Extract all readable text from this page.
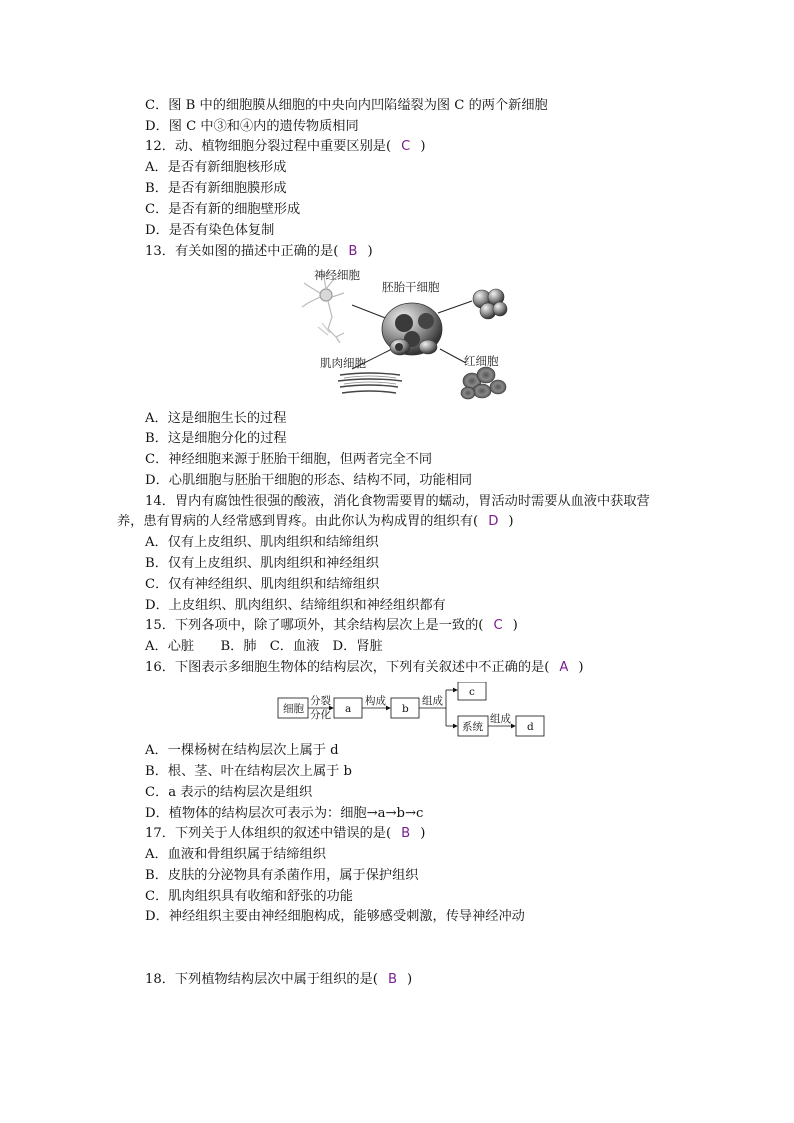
C．图 B 中的细胞膜从细胞的中央向内凹陷缢裂为图 C 的两个新细胞
D．图 C 中③和④内的遗传物质相同
12．动、植物细胞分裂过程中重要区别是( C )
A．是否有新细胞核形成
B．是否有新细胞膜形成
C．是否有新的细胞壁形成
D．是否有染色体复制
13．有关如图的描述中正确的是( B )
神经细胞
胚胎干细胞
肌肉细胞	红细胞
A．这是细胞生长的过程
B．这是细胞分化的过程
C．神经细胞来源于胚胎干细胞，但两者完全不同
D．心肌细胞与胚胎干细胞的形态、结构不同，功能相同
14．胃内有腐蚀性很强的酸液，消化食物需要胃的蠕动，胃活动时需要从血液中获取营
养，患有胃病的人经常感到胃疼。由此你认为构成胃的组织有( D )
A．仅有上皮组织、肌肉组织和结缔组织
B．仅有上皮组织、肌肉组织和神经组织
C．仅有神经组织、肌肉组织和结缔组织
D．上皮组织、肌肉组织、结缔组织和神经组织都有
15．下列各项中，除了哪项外，其余结构层次上是一致的( C )
A．心脏　　B．肺　C．血液　D．肾脏
16．下图表示多细胞生物体的结构层次，下列有关叙述中不正确的是( A )
细胞
分裂
分化 a
构成
b
组成
c
系统
组成
d
A．一棵杨树在结构层次上属于 d
B．根、茎、叶在结构层次上属于 b
C．a 表示的结构层次是组织
D．植物体的结构层次可表示为：细胞→a→b→c
17．下列关于人体组织的叙述中错误的是( B )
A．血液和骨组织属于结缔组织
B．皮肤的分泌物具有杀菌作用，属于保护组织
C．肌肉组织具有收缩和舒张的功能
D．神经组织主要由神经细胞构成，能够感受刺激，传导神经冲动
18．下列植物结构层次中属于组织的是( B )
